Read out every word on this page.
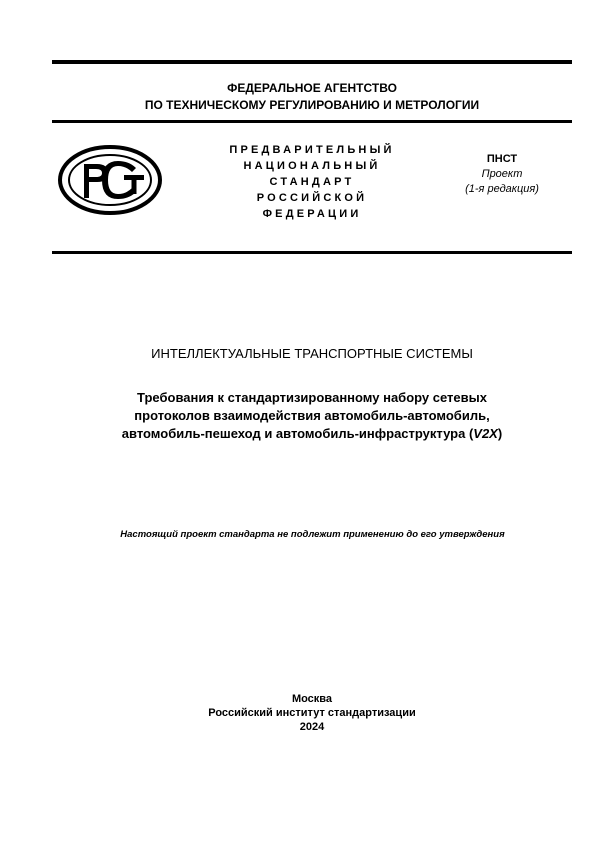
ФЕДЕРАЛЬНОЕ АГЕНТСТВО
ПО ТЕХНИЧЕСКОМУ РЕГУЛИРОВАНИЮ И МЕТРОЛОГИИ
ПРЕДВАРИТЕЛЬНЫЙ
НАЦИОНАЛЬНЫЙ
СТАНДАРТ
РОССИЙСКОЙ
ФЕДЕРАЦИИ
ПНСТ
Проект
(1-я редакция)
ИНТЕЛЛЕКТУАЛЬНЫЕ ТРАНСПОРТНЫЕ СИСТЕМЫ
Требования к стандартизированному набору сетевых
протоколов взаимодействия автомобиль-автомобиль,
автомобиль-пешеход и автомобиль-инфраструктура (V2X)
Настоящий проект стандарта не подлежит применению до его утверждения
Москва
Российский институт стандартизации
2024
